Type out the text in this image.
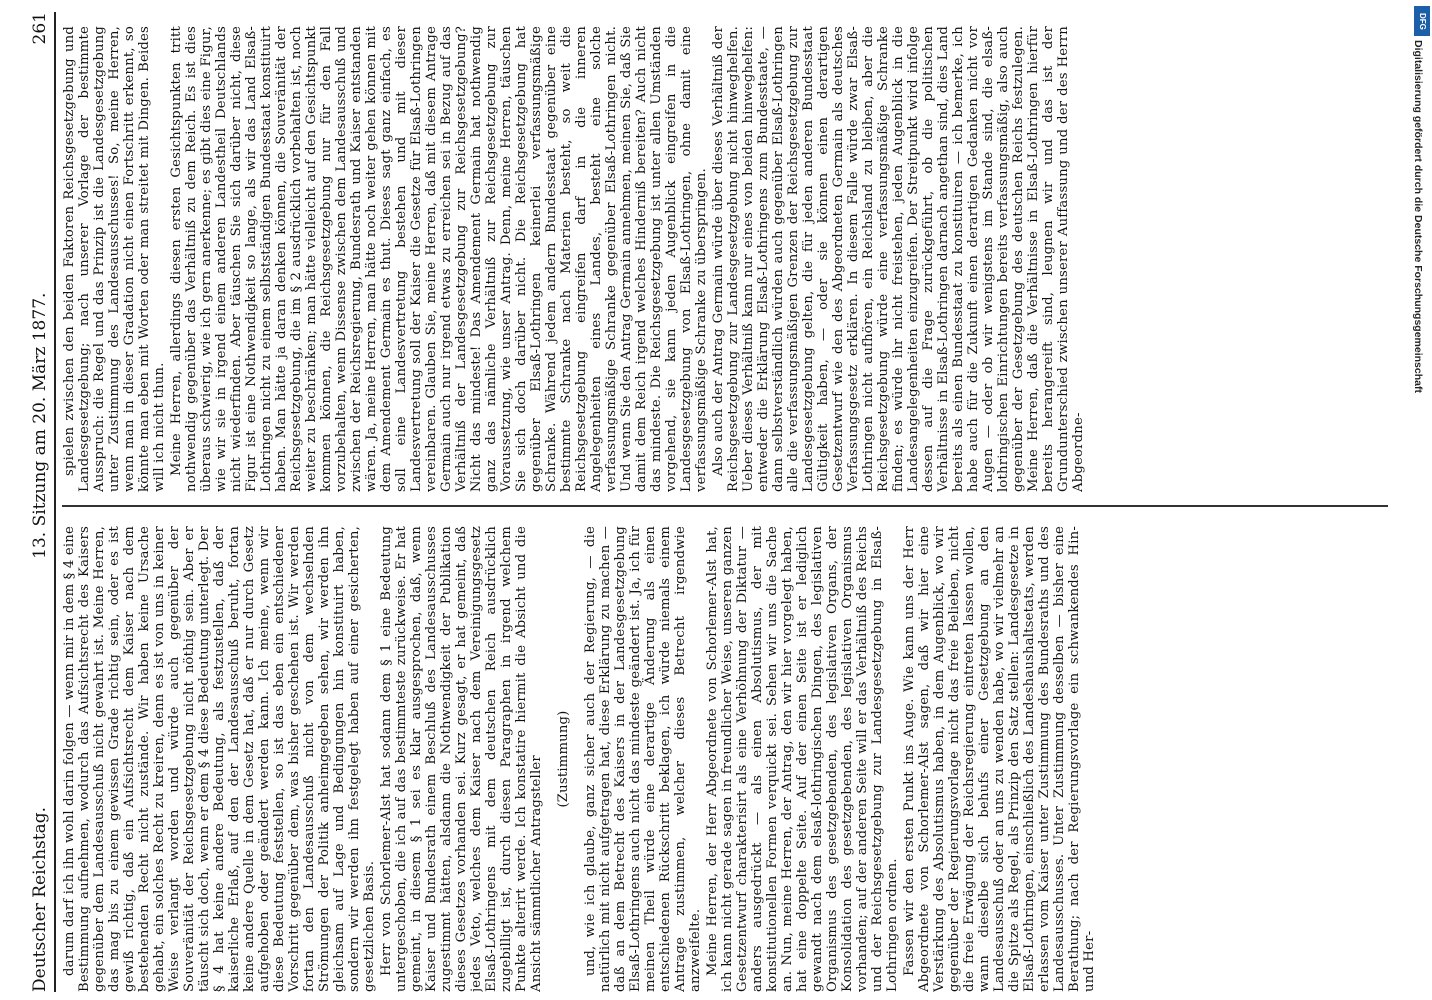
Deutscher Reichstag.
13. Sitzung am 20. März 1877.
261

darum darf ich ihn wohl darin folgen — wenn mir in dem § 4 eine Bestimmung aufnehmen, wodurch das Aufsichtsrecht des Kaisers gegenüber dem Landesausschuß nicht gewahrt ist. Meine Herren, das mag bis zu einem gewissen Grade richtig sein, oder es ist gewiß richtig, daß ein Aufsichtsrecht dem Kaiser nach dem bestehenden Recht nicht zustände. Wir haben keine Ursache gehabt, ein solches Recht zu kreiren, denn es ist von uns in keiner Weise verlangt worden und würde auch gegenüber der Souveränität der Reichsgesetzgebung nicht nöthig sein. Aber er täuscht sich doch, wenn er dem § 4 diese Bedeutung unterlegt. Der § 4 hat keine andere Bedeutung, als festzustellen, daß der kaiserliche Erlaß, auf den der Landesausschuß beruht, fortan keine andere Quelle in dem Gesetz hat, daß er nur durch Gesetz aufgehoben oder geändert werden kann. Ich meine, wenn wir diese Bedeutung feststellen, so ist das eben ein entschiedener Vorschritt gegenüber dem, was bisher geschehen ist. Wir werden fortan den Landesausschuß nicht von dem wechselnden Strömungen der Politik anheimgegeben sehen, wir werden ihn gleichsam auf Lage und Bedingungen hin konstituirt haben, sondern wir werden ihn festgelegt haben auf einer gesicherten, gesetzlichen Basis. Herr von Schorlemer-Alst hat sodann dem § 1 eine Bedeutung untergeschoben, die ich auf das bestimmteste zurückweise. Er hat gemeint, in diesem § 1 sei es klar ausgesprochen, daß, wenn Kaiser und Bundesrath einem Beschluß des Landesausschusses zugestimmt hätten, alsdann die Nothwendigkeit der Publikation dieses Gesetzes vorhanden sei. Kurz gesagt, er hat gemeint, daß jedes Veto, welches dem Kaiser nach dem Vereinigungsgesetz Elsaß-Lothringens mit dem deutschen Reich ausdrücklich zugebilligt ist, durch diesen Paragraphen in irgend welchem Punkte alterirt werde. Ich konstatire hiermit die Absicht und die Ansicht sämmtlicher Antragsteller (Zustimmung) und, wie ich glaube, ganz sicher auch der Regierung, — die natürlich mit nicht aufgetragen hat, diese Erklärung zu machen — daß an dem Betrecht des Kaisers in der Landesgesetzgebung Elsaß-Lothringens auch nicht das mindeste geändert ist. Ja, ich für meinen Theil würde eine derartige Änderung als einen entschiedenen Rückschritt beklagen, ich würde niemals einem Antrage zustimmen, welcher dieses Betrecht irgendwie anzweifelte. Meine Herren, der Herr Abgeordnete von Schorlemer-Alst hat, ich kann nicht gerade sagen in freundlicher Weise, unseren ganzen Gesetzentwurf charakterisirt als eine Verhöhnung der Diktatur — anders ausgedrückt — als einen Absolutismus, der mit konstitutionellen Formen verquickt sei. Sehen wir uns die Sache an. Nun, meine Herren, der Antrag, den wir hier vorgelegt haben, hat eine doppelte Seite. Auf der einen Seite ist er lediglich gewandt nach dem elsaß-lothringischen Dingen, des legislativen Organismus des gesetzgebenden, des legislativen Organs, der Konsolidation des gesetzgebenden, des legislativen Organismus vorhanden; auf der anderen Seite will er das Verhältniß des Reichs und der Reichsgesetzgebung zur Landesgesetzgebung in Elsaß-Lothringen ordnen. Fassen wir den ersten Punkt ins Auge. Wie kann uns der Herr Abgeordnete von Schorlemer-Alst sagen, daß wir hier eine Verstärkung des Absolutismus haben, in dem Augenblick, wo wir gegenüber der Regierungsvorlage nicht das freie Belieben, nicht die freie Erwägung der Reichsregierung eintreten lassen wollen, wann dieselbe sich behufs einer Gesetzgebung an den Landesausschuß oder an uns zu wenden habe, wo wir vielmehr an die Spitze als Regel, als Prinzip den Satz stellen: Landesgesetze in Elsaß-Lothringen, einschließlich des Landeshaushaltsetats, werden erlassen vom Kaiser unter Zustimmung des Bundesraths und des Landesausschusses. Unter Zustimmung desselben — bisher eine Berathung; nach der Regierungsvorlage ein schwankendes Hin- und Her-

spielen zwischen den beiden Faktoren Reichsgesetzgebung und Landesgesetzgebung; nach unserer Vorlage der bestimmte Ausspruch: die Regel und das Prinzip ist die Landesgesetzgebung unter Zustimmung des Landesausschusses! So, meine Herren, wenn man in dieser Gradation nicht einen Fortschritt erkennt, so könnte man eben mit Worten oder man streitet mit Dingen. Beides will ich nicht thun. Meine Herren, allerdings diesen ersten Gesichtspunkten tritt nothwendig gegenüber das Verhältniß zu dem Reich. Es ist dies überaus schwierig, wie ich gern anerkenne; es gibt dies eine Figur, wie wir sie in irgend einem anderen Landestheil Deutschlands nicht wiederfinden. Aber täuschen Sie sich darüber nicht, diese Figur ist eine Nothwendigkeit so lange, als wir das Land Elsaß-Lothringen nicht zu einem selbstständigen Bundesstaat konstituirt haben. Man hätte ja daran denken können, die Souveränität der Reichsgesetzgebung, die im § 2 ausdrücklich vorbehalten ist, noch weiter zu beschränken; man hätte vielleicht auf den Gesichtspunkt kommen können, die Reichsgesetzgebung nur für den Fall vorzubehalten, wenn Dissense zwischen dem Landesausschuß und zwischen der Reichsregierung, Bundesrath und Kaiser entstanden wären. Ja, meine Herren, man hätte noch weiter gehen können mit dem Amendement Germain es thut. Dieses sagt ganz einfach, es soll eine Landesvertretung bestehen und mit dieser Landesvertretung soll der Kaiser die Gesetze für Elsaß-Lothringen vereinbaren. Glauben Sie, meine Herren, daß mit diesem Antrage Germain auch nur irgend etwas zu erreichen sei in Bezug auf das Verhältniß der Landesgesetzgebung zur Reichsgesetzgebung? Nicht das mindeste! Das Amendement Germain hat nothwendig ganz das nämliche Verhältniß zur Reichsgesetzgebung zur Voraussetzung, wie unser Antrag. Denn, meine Herren, täuschen Sie sich doch darüber nicht. Die Reichsgesetzgebung hat gegenüber Elsaß-Lothringen keinerlei verfassungsmäßige Schranke. Während jedem andern Bundesstaat gegenüber eine bestimmte Schranke nach Materien besteht, so weit die Reichsgesetzgebung eingreifen darf in die inneren Angelegenheiten eines Landes, besteht eine solche verfassungsmäßige Schranke gegenüber Elsaß-Lothringen nicht. Und wenn Sie den Antrag Germain annehmen, meinen Sie, daß Sie damit dem Reich irgend welches Hinderniß bereiten? Auch nicht das mindeste. Die Reichsgesetzgebung ist unter allen Umständen vorgehend, sie kann jeden Augenblick eingreifen in die Landesgesetzgebung von Elsaß-Lothringen, ohne damit eine verfassungsmäßige Schranke zu überspringen. Also auch der Antrag Germain würde über dieses Verhältniß der Reichsgesetzgebung zur Landesgesetzgebung nicht hinweghelfen. Ueber dieses Verhältniß kann nur eines von beiden hinweghelfen: entweder die Erklärung Elsaß-Lothringens zum Bundesstaate, — dann selbstverständlich würden auch gegenüber Elsaß-Lothringen alle die verfassungsmäßigen Grenzen der Reichsgesetzgebung zur Landesgesetzgebung gelten, die für jeden anderen Bundesstaat Gültigkeit haben, — oder sie können einen derartigen Gesetzentwurf wie den des Abgeordneten Germain als deutsches Verfassungsgesetz erklären. In diesem Falle würde zwar Elsaß-Lothringen nicht aufhören, ein Reichsland zu bleiben, aber die Reichsgesetzgebung würde eine verfassungsmäßige Schranke finden; es würde ihr nicht freistehen, jeden Augenblick in die Landesangelegenheiten einzugreifen. Der Streitpunkt wird infolge dessen auf die Frage zurückgeführt, ob die politischen Verhältnisse in Elsaß-Lothringen darnach angethan sind, dies Land bereits als einen Bundesstaat zu konstituiren — ich bemerke, ich habe auch für die Zukunft einen derartigen Gedanken nicht vor Augen — oder ob wir wenigstens im Stande sind, die elsaß-lothringischen Einrichtungen bereits verfassungsmäßig, also auch gegenüber der Gesetzgebung des deutschen Reichs festzulegen. Meine Herren, daß die Verhältnisse in Elsaß-Lothringen hierfür bereits herangereift sind, leugnen wir und das ist der Grundunterschied zwischen unserer Auffassung und der des Herrn Abgeordne-

DFG
Digitalisierung gefördert durch die Deutsche Forschungsgemeinschaft
